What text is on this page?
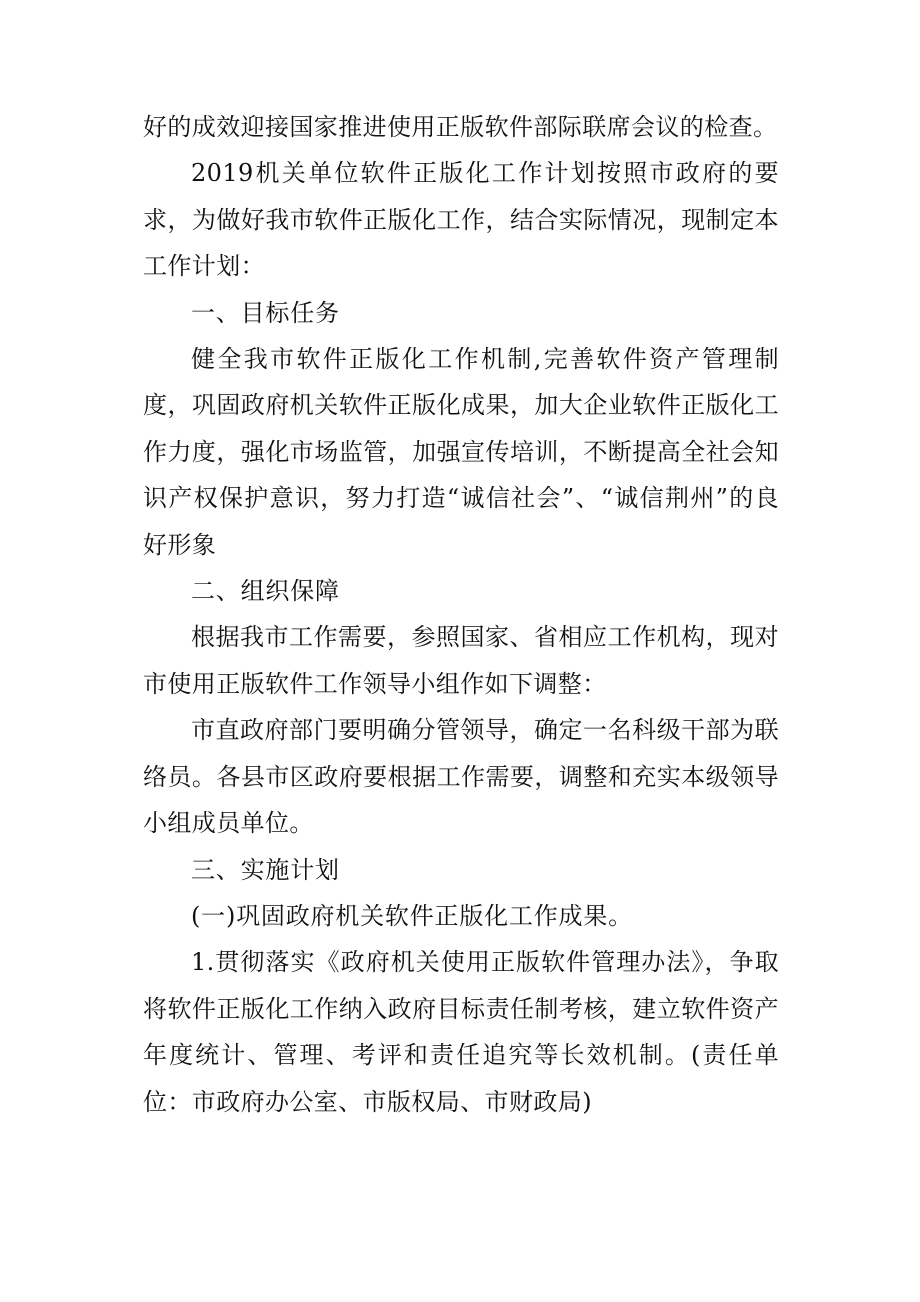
好的成效迎接国家推进使用正版软件部际联席会议的检查。

2019机关单位软件正版化工作计划按照市政府的要求，为做好我市软件正版化工作，结合实际情况，现制定本工作计划：

一、目标任务

健全我市软件正版化工作机制,完善软件资产管理制度，巩固政府机关软件正版化成果，加大企业软件正版化工作力度，强化市场监管，加强宣传培训，不断提高全社会知识产权保护意识，努力打造“诚信社会”、“诚信荆州”的良好形象

二、组织保障

根据我市工作需要，参照国家、省相应工作机构，现对市使用正版软件工作领导小组作如下调整：

市直政府部门要明确分管领导，确定一名科级干部为联络员。各县市区政府要根据工作需要，调整和充实本级领导小组成员单位。

三、实施计划

(一)巩固政府机关软件正版化工作成果。

1.贯彻落实《政府机关使用正版软件管理办法》，争取将软件正版化工作纳入政府目标责任制考核，建立软件资产年度统计、管理、考评和责任追究等长效机制。(责任单位：市政府办公室、市版权局、市财政局)
